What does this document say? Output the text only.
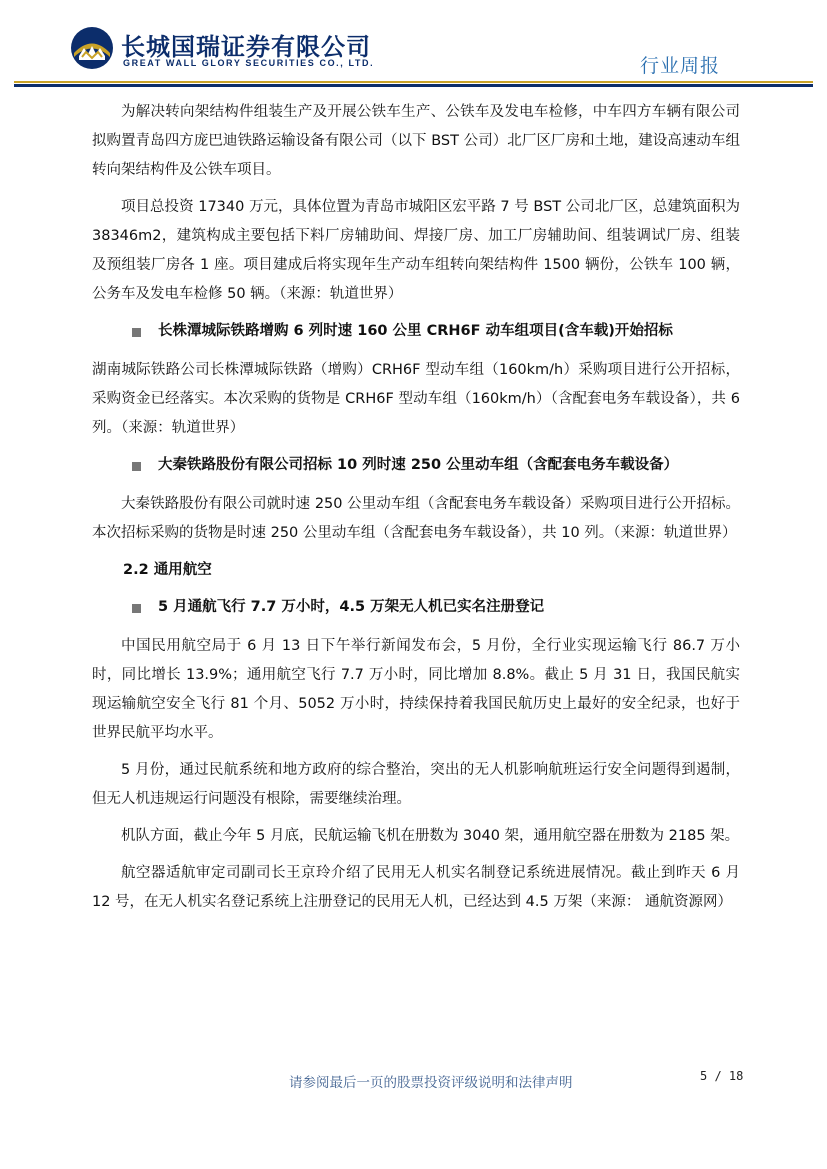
长城国瑞证券有限公司
GREAT WALL GLORY SECURITIES CO., LTD.	行业周报

为解决转向架结构件组装生产及开展公铁车生产、公铁车及发电车检修，中车四方车辆有限公司拟购置青岛四方庞巴迪铁路运输设备有限公司（以下 BST 公司）北厂区厂房和土地，建设高速动车组转向架结构件及公铁车项目。

项目总投资 17340 万元，具体位置为青岛市城阳区宏平路 7 号 BST 公司北厂区，总建筑面积为 38346m2，建筑构成主要包括下料厂房辅助间、焊接厂房、加工厂房辅助间、组装调试厂房、组装及预组装厂房各 1 座。项目建成后将实现年生产动车组转向架结构件 1500 辆份，公铁车 100 辆，公务车及发电车检修 50 辆。（来源：轨道世界）

长株潭城际铁路增购 6 列时速 160 公里 CRH6F 动车组项目(含车载)开始招标

湖南城际铁路公司长株潭城际铁路（增购）CRH6F 型动车组（160km/h）采购项目进行公开招标，采购资金已经落实。本次采购的货物是 CRH6F 型动车组（160km/h）（含配套电务车载设备），共 6 列。（来源：轨道世界）

大秦铁路股份有限公司招标 10 列时速 250 公里动车组（含配套电务车载设备）

大秦铁路股份有限公司就时速 250 公里动车组（含配套电务车载设备）采购项目进行公开招标。本次招标采购的货物是时速 250 公里动车组（含配套电务车载设备），共 10 列。（来源：轨道世界）

2.2 通用航空
5 月通航飞行 7.7 万小时，4.5 万架无人机已实名注册登记

中国民用航空局于 6 月 13 日下午举行新闻发布会，5 月份，全行业实现运输飞行 86.7 万小时，同比增长 13.9%；通用航空飞行 7.7 万小时，同比增加 8.8%。截止 5 月 31 日，我国民航实现运输航空安全飞行 81 个月、5052 万小时，持续保持着我国民航历史上最好的安全纪录，也好于世界民航平均水平。

5 月份，通过民航系统和地方政府的综合整治，突出的无人机影响航班运行安全问题得到遏制，但无人机违规运行问题没有根除，需要继续治理。

机队方面，截止今年 5 月底，民航运输飞机在册数为 3040 架，通用航空器在册数为 2185 架。

航空器适航审定司副司长王京玲介绍了民用无人机实名制登记系统进展情况。截止到昨天 6 月 12 号，在无人机实名登记系统上注册登记的民用无人机，已经达到 4.5 万架（来源： 通航资源网）

请参阅最后一页的股票投资评级说明和法律声明	5 / 18
